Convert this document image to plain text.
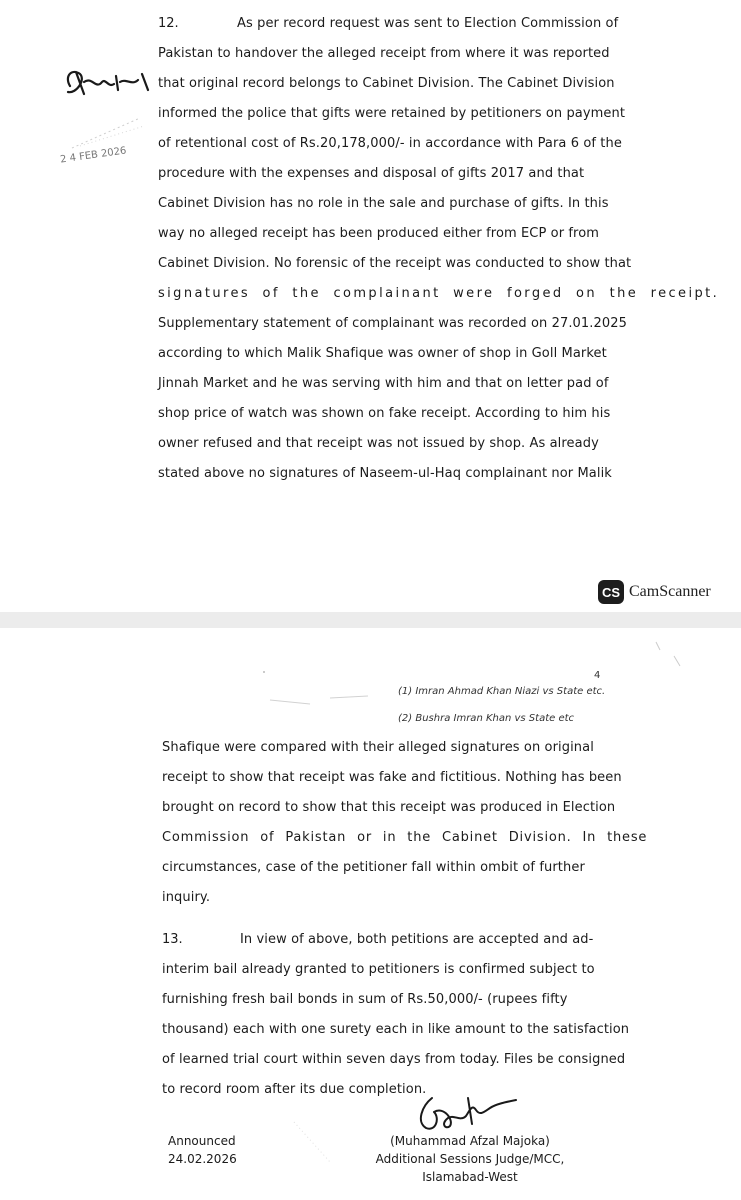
12.
2 4 FEB 2026
As per record request was sent to Election Commission of
Pakistan to handover the alleged receipt from where it was reported
that original record belongs to Cabinet Division. The Cabinet Division
informed the police that gifts were retained by petitioners on payment
of retentional cost of Rs.20,178,000/- in accordance with Para 6 of the
procedure with the expenses and disposal of gifts 2017 and that
Cabinet Division has no role in the sale and purchase of gifts. In this
way no alleged receipt has been produced either from ECP or from
Cabinet Division. No forensic of the receipt was conducted to show that
signatures of the complainant were forged on the receipt.
Supplementary statement of complainant was recorded on 27.01.2025
according to which Malik Shafique was owner of shop in Goll Market
Jinnah Market and he was serving with him and that on letter pad of
shop price of watch was shown on fake receipt. According to him his
owner refused and that receipt was not issued by shop. As already
stated above no signatures of Naseem-ul-Haq complainant nor Malik
CS CamScanner
4
(1) Imran Ahmad Khan Niazi vs State etc.
(2) Bushra Imran Khan vs State etc
Shafique were compared with their alleged signatures on original
receipt to show that receipt was fake and fictitious. Nothing has been
brought on record to show that this receipt was produced in Election
Commission of Pakistan or in the Cabinet Division. In these
circumstances, case of the petitioner fall within ombit of further
inquiry.
13.	In view of above, both petitions are accepted and ad-
interim bail already granted to petitioners is confirmed subject to
furnishing fresh bail bonds in sum of Rs.50,000/- (rupees fifty
thousand) each with one surety each in like amount to the satisfaction
of learned trial court within seven days from today. Files be consigned
to record room after its due completion.
Announced
24.02.2026
(Muhammad Afzal Majoka)
Additional Sessions Judge/MCC,
Islamabad-West
